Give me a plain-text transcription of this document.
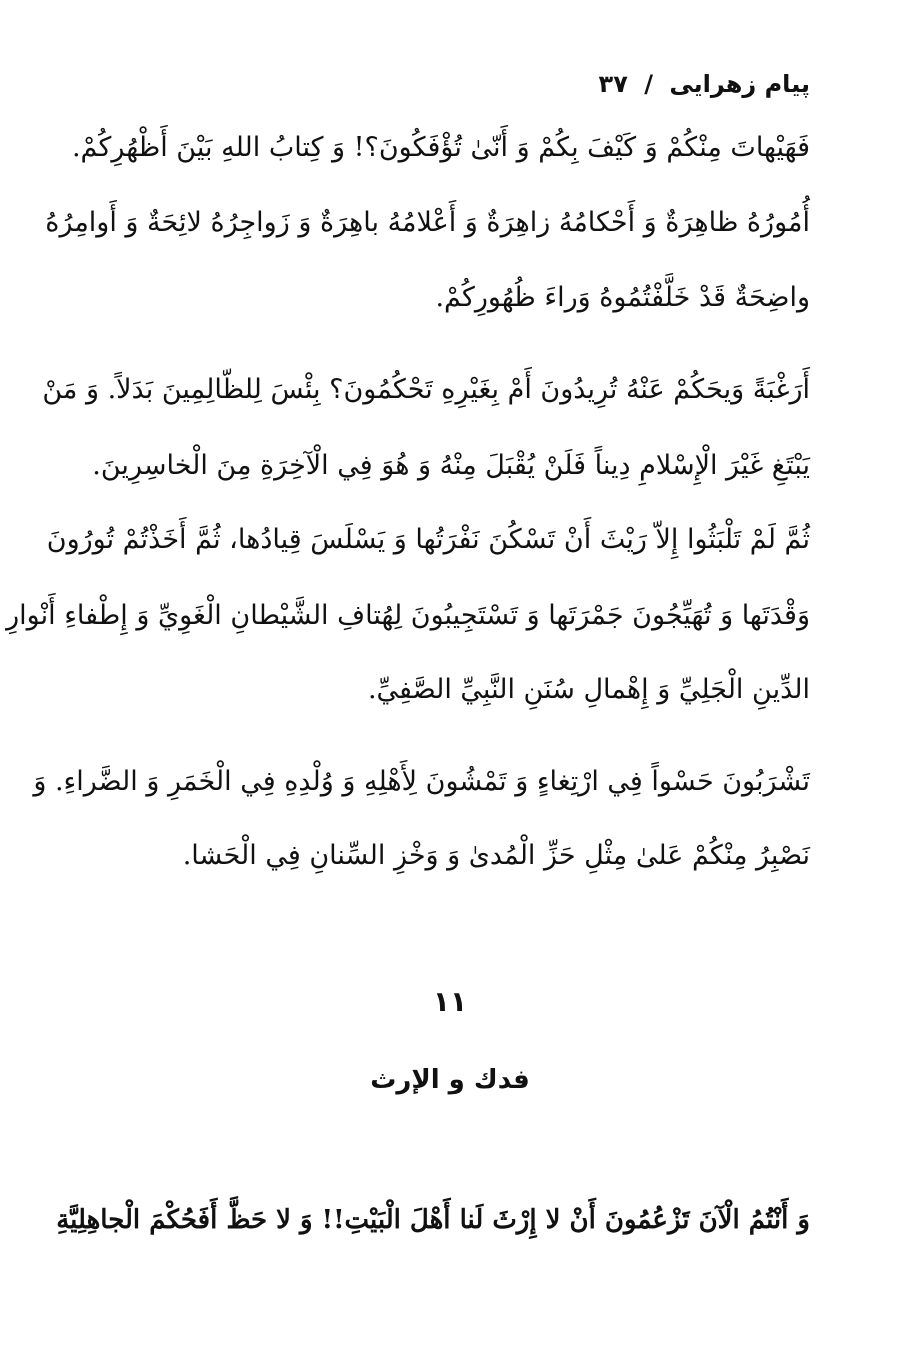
پیام زهرایی / ۳۷
فَهَيْهاتَ مِنْكُمْ وَ كَيْفَ بِكُمْ وَ أَنّىٰ تُؤْفَكُونَ؟! وَ كِتابُ اللهِ بَيْنَ أَظْهُرِكُمْ.
أُمُورُهُ ظاهِرَةٌ وَ أَحْكامُهُ زاهِرَةٌ وَ أَعْلامُهُ باهِرَةٌ وَ زَواجِرُهُ لائِحَةٌ وَ أَوامِرُهُ
واضِحَةٌ قَدْ خَلَّفْتُمُوهُ وَراءَ ظُهُورِكُمْ.
أَرَغْبَةً وَيحَكُمْ عَنْهُ تُرِيدُونَ أَمْ بِغَيْرِهِ تَحْكُمُونَ؟ بِئْسَ لِلظّالِمِينَ بَدَلاً. وَ مَنْ
يَبْتَغِ غَيْرَ الْإِسْلامِ دِيناً فَلَنْ يُقْبَلَ مِنْهُ وَ هُوَ فِي الْآخِرَةِ مِنَ الْخاسِرِينَ.
ثُمَّ لَمْ تَلْبَثُوا إِلاّ رَيْثَ أَنْ تَسْكُنَ نَفْرَتُها وَ يَسْلَسَ قِيادُها، ثُمَّ أَخَذْتُمْ تُورُونَ
وَقْدَتَها وَ تُهَيِّجُونَ جَمْرَتَها وَ تَسْتَجِيبُونَ لِهُتافِ الشَّيْطانِ الْغَوِيِّ وَ إِطْفاءِ أَنْوارِ
الدِّينِ الْجَلِيِّ وَ إِهْمالِ سُنَنِ النَّبِيِّ الصَّفِيِّ.
تَشْرَبُونَ حَسْواً فِي ارْتِغاءٍ وَ تَمْشُونَ لِأَهْلِهِ وَ وُلْدِهِ فِي الْخَمَرِ وَ الضَّراءِ. وَ
نَصْبِرُ مِنْكُمْ عَلىٰ مِثْلِ حَزِّ الْمُدىٰ وَ وَخْزِ السِّنانِ فِي الْحَشا.
۱۱
فدك و الإرث
وَ أَنْتُمُ الْآنَ تَزْعُمُونَ أَنْ لا إِرْثَ لَنا أَهْلَ الْبَيْتِ!! وَ لا حَظَّ أَفَحُكْمَ الْجاهِلِيَّةِ
